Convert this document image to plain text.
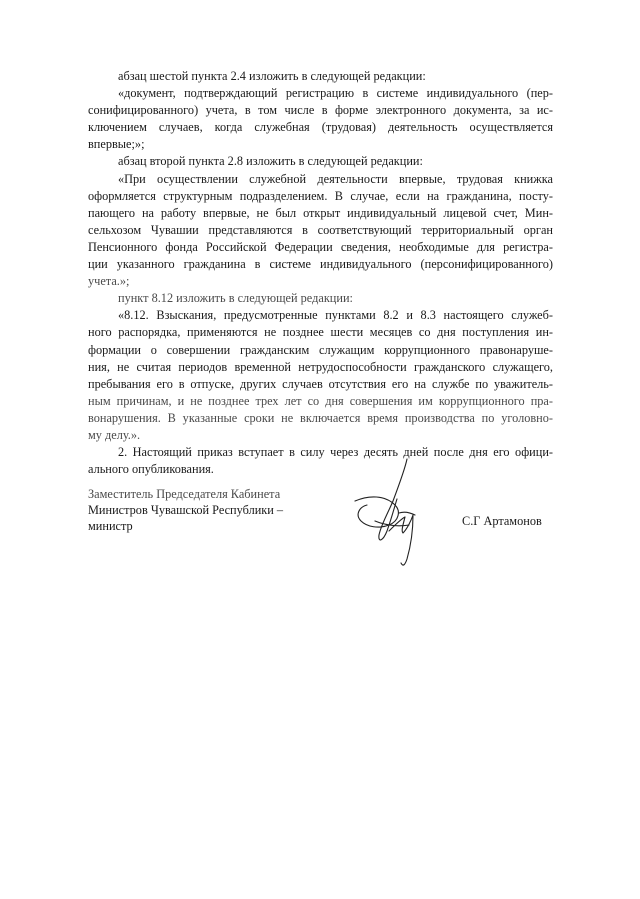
абзац шестой пункта 2.4 изложить в следующей редакции:
«документ, подтверждающий регистрацию в системе индивидуального (пер-
сонифицированного) учета, в том числе в форме электронного документа, за ис-
ключением случаев, когда служебная (трудовая) деятельность осуществляется
впервые;»;
абзац второй пункта 2.8 изложить в следующей редакции:
«При осуществлении служебной деятельности впервые, трудовая книжка
оформляется структурным подразделением. В случае, если на гражданина, посту-
пающего на работу впервые, не был открыт индивидуальный лицевой счет, Мин-
сельхозом Чувашии представляются в соответствующий территориальный орган
Пенсионного фонда Российской Федерации сведения, необходимые для регистра-
ции указанного гражданина в системе индивидуального (персонифицированного)
учета.»;
пункт 8.12 изложить в следующей редакции:
«8.12. Взыскания, предусмотренные пунктами 8.2 и 8.3 настоящего служеб-
ного распорядка, применяются не позднее шести месяцев со дня поступления ин-
формации о совершении гражданским служащим коррупционного правонаруше-
ния, не считая периодов временной нетрудоспособности гражданского служащего,
пребывания его в отпуске, других случаев отсутствия его на службе по уважитель-
ным причинам, и не позднее трех лет со дня совершения им коррупционного пра-
вонарушения. В указанные сроки не включается время производства по уголовно-
му делу.».
2. Настоящий приказ вступает в силу через десять дней после дня его офици-
ального опубликования.
Заместитель Председателя Кабинета
Министров Чувашской Республики –
министр	С.Г Артамонов
